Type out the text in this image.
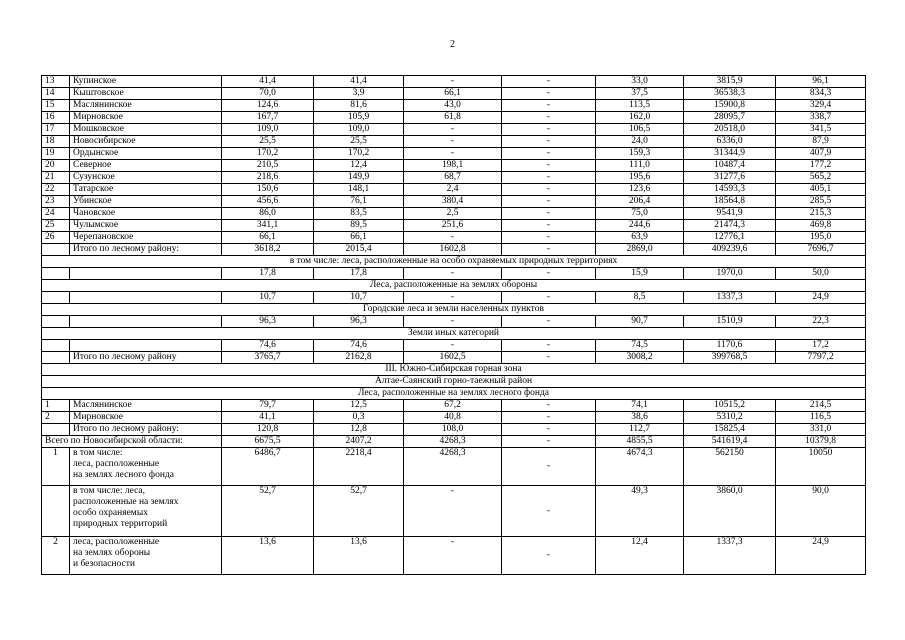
2
13	Купинское	41,4	41,4	-	-	33,0	3815,9	96,1
14	Кыштовское	70,0	3,9	66,1	-	37,5	36538,3	834,3
15	Маслянинское	124,6	81,6	43,0	-	113,5	15900,8	329,4
16	Мирновское	167,7	105,9	61,8	-	162,0	28095,7	338,7
17	Мошковское	109,0	109,0	-	-	106,5	20518,0	341,5
18	Новосибирское	25,5	25,5	-	-	24,0	6336,0	87,9
19	Ордынское	170,2	170,2	-	-	159,3	31344,9	407,9
20	Северное	210,5	12,4	198,1	-	111,0	10487,4	177,2
21	Сузунское	218,6	149,9	68,7	-	195,6	31277,6	565,2
22	Татарское	150,6	148,1	2,4	-	123,6	14593,3	405,1
23	Убинское	456,6	76,1	380,4	-	206,4	18564,8	285,5
24	Чановское	86,0	83,5	2,5	-	75,0	9541,9	215,3
25	Чулымское	341,1	89,5	251,6	-	244,6	21474,3	469,8
26	Черепановское	66,1	66,1	-	-	63,9	12776,1	195,0
	Итого по лесному району:	3618,2	2015,4	1602,8	-	2869,0	409239,6	7696,7
в том числе: леса, расположенные на особо охраняемых природных территориях								
		17,8	17,8	-	-	15,9	1970,0	50,0
Леса, расположенные на землях обороны								
		10,7	10,7	-	-	8,5	1337,3	24,9
Городские леса и земли населенных пунктов								
		96,3	96,3	-	-	90,7	1510,9	22,3
Земли иных категорий								
		74,6	74,6	-	-	74,5	1170,6	17,2
	Итого по лесному району	3765,7	2162,8	1602,5	-	3008,2	399768,5	7797,2
III. Южно-Сибирская горная зона								
Алтае-Саянский горно-таежный район								
Леса, расположенные на землях лесного фонда								
1	Маслянинское	79,7	12,5	67,2	-	74,1	10515,2	214,5
2	Мирновское	41,1	0,3	40,8	-	38,6	5310,2	116,5
	Итого по лесному району:	120,8	12,8	108,0	-	112,7	15825,4	331,0
Всего по Новосибирской области:		6675,5	2407,2	4268,3	-	4855,5	541619,4	10379,8
1	в том числе:
леса, расположенные
на землях лесного фонда	6486,7	2218,4	4268,3	-	4674,3	562150	10050
	в том числе: леса,
расположенные на землях
особо охраняемых
природных территорий	52,7	52,7	-	-	49,3	3860,0	90,0
2	леса, расположенные
на землях обороны
и безопасности	13,6	13,6	-	-	12,4	1337,3	24,9
